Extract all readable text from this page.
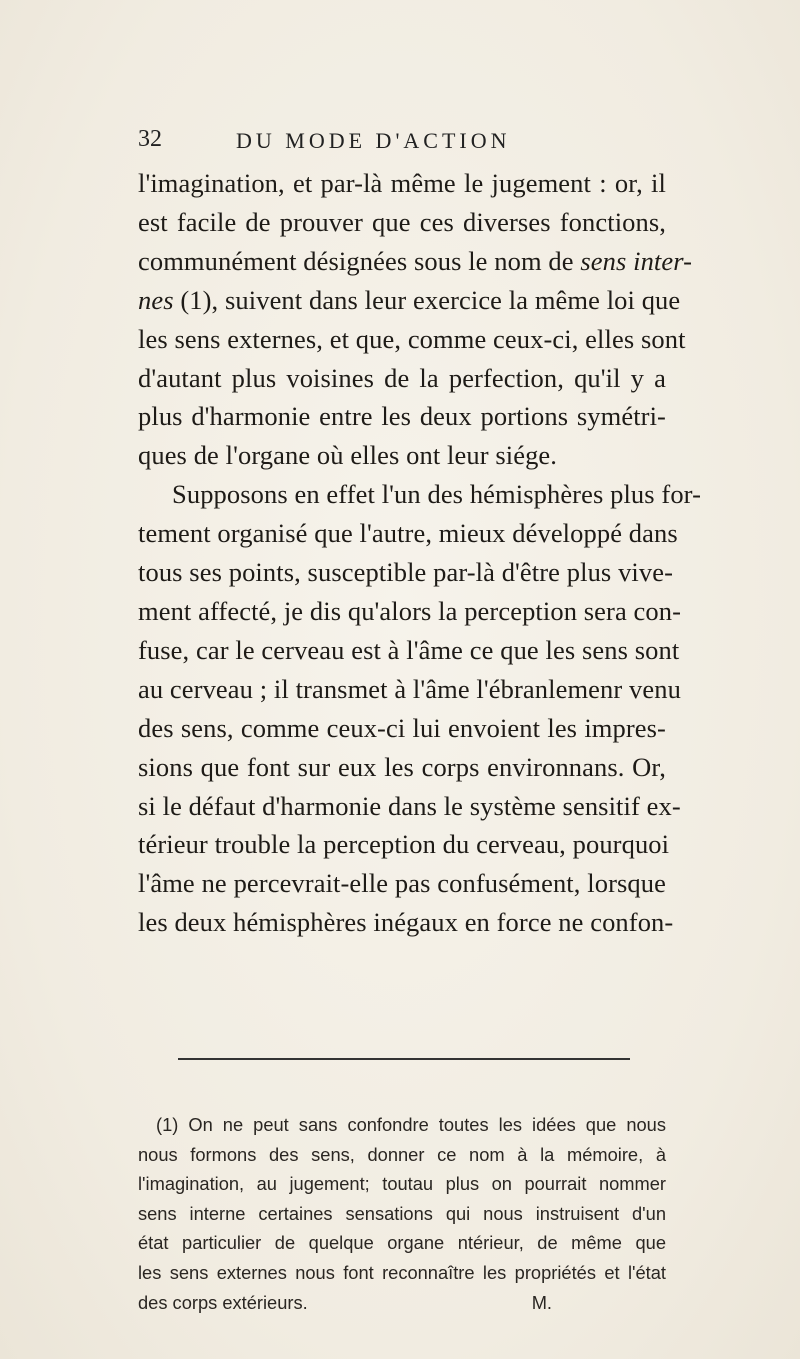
32	DU MODE D'ACTION
l'imagination, et par-là même le jugement : or, il
est facile de prouver que ces diverses fonctions,
communément désignées sous le nom de sens inter-
nes (1), suivent dans leur exercice la même loi que
les sens externes, et que, comme ceux-ci, elles sont
d'autant plus voisines de la perfection, qu'il y a
plus d'harmonie entre les deux portions symétri-
ques de l'organe où elles ont leur siége.
Supposons en effet l'un des hémisphères plus for-
tement organisé que l'autre, mieux développé dans
tous ses points, susceptible par-là d'être plus vive-
ment affecté, je dis qu'alors la perception sera con-
fuse, car le cerveau est à l'âme ce que les sens sont
au cerveau ; il transmet à l'âme l'ébranlemenr venu
des sens, comme ceux-ci lui envoient les impres-
sions que font sur eux les corps environnans. Or,
si le défaut d'harmonie dans le système sensitif ex-
térieur trouble la perception du cerveau, pourquoi
l'âme ne percevrait-elle pas confusément, lorsque
les deux hémisphères inégaux en force ne confon-
(1) On ne peut sans confondre toutes les idées que nous
nous formons des sens, donner ce nom à la mémoire, à
l'imagination, au jugement; toutau plus on pourrait nommer
sens interne certaines sensations qui nous instruisent d'un
état particulier de quelque organe ntérieur, de même que
les sens externes nous font reconnaître les propriétés et l'état
des corps extérieurs.	M.
